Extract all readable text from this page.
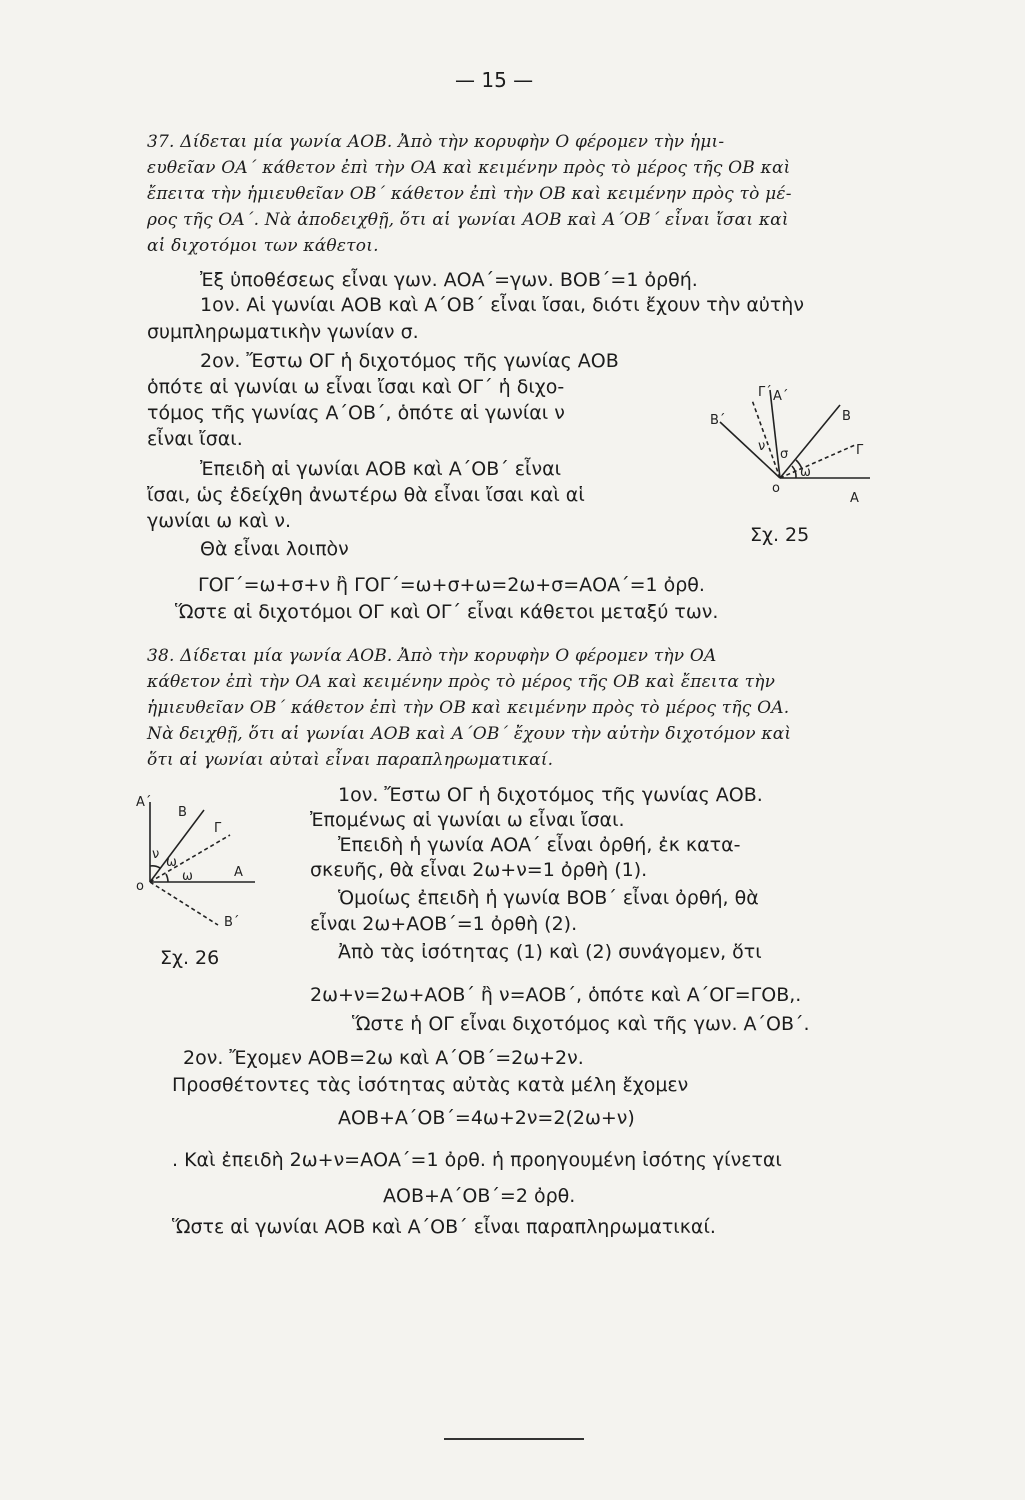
— 15 —
37. Δίδεται μία γωνία ΑΟΒ. Ἀπὸ τὴν κορυφὴν Ο φέρομεν τὴν ἡμι-
ευθεῖαν ΟΑ΄ κάθετον ἐπὶ τὴν ΟΑ καὶ κειμένην πρὸς τὸ μέρος τῆς ΟΒ καὶ
ἔπειτα τὴν ἡμιευθεῖαν ΟΒ΄ κάθετον ἐπὶ τὴν ΟΒ καὶ κειμένην πρὸς τὸ μέ-
ρος τῆς ΟΑ΄. Νὰ ἀποδειχθῇ, ὅτι αἱ γωνίαι ΑΟΒ καὶ Α΄ΟΒ΄ εἶναι ἴσαι καὶ
αἱ διχοτόμοι των κάθετοι.
Ἐξ ὑποθέσεως εἶναι γων. ΑΟΑ΄=γων. ΒΟΒ΄=1 ὀρθή.
1ον. Αἱ γωνίαι ΑΟΒ καὶ Α΄ΟΒ΄ εἶναι ἴσαι, διότι ἔχουν τὴν αὐτὴν
συμπληρωματικὴν γωνίαν σ.
2ον. Ἔστω ΟΓ ἡ διχοτόμος τῆς γωνίας ΑΟΒ
ὁπότε αἱ γωνίαι ω εἶναι ἴσαι καὶ ΟΓ΄ ἡ διχο-
τόμος τῆς γωνίας Α΄ΟΒ΄, ὁπότε αἱ γωνίαι ν
εἶναι ἴσαι.
Ἐπειδὴ αἱ γωνίαι ΑΟΒ καὶ Α΄ΟΒ΄ εἶναι
ἴσαι, ὡς ἐδείχθη ἀνωτέρω θὰ εἶναι ἴσαι καὶ αἱ
γωνίαι ω καὶ ν.
Θὰ εἶναι λοιπὸν
ΓΟΓ΄=ω+σ+ν ἢ ΓΟΓ΄=ω+σ+ω=2ω+σ=ΑΟΑ΄=1 ὀρθ.
Ὥστε αἱ διχοτόμοι ΟΓ καὶ ΟΓ΄ εἶναι κάθετοι μεταξύ των.
Γ΄ Α΄
Β
Β΄
ν
σ
ω
Γ
ο
Α
Σχ. 25
38. Δίδεται μία γωνία ΑΟΒ. Ἀπὸ τὴν κορυφὴν Ο φέρομεν τὴν ΟΑ
κάθετον ἐπὶ τὴν ΟΑ καὶ κειμένην πρὸς τὸ μέρος τῆς ΟΒ καὶ ἔπειτα τὴν
ἡμιευθεῖαν ΟΒ΄ κάθετον ἐπὶ τὴν ΟΒ καὶ κειμένην πρὸς τὸ μέρος τῆς ΟΑ.
Νὰ δειχθῇ, ὅτι αἱ γωνίαι ΑΟΒ καὶ Α΄ΟΒ΄ ἔχουν τὴν αὐτὴν διχοτόμον καὶ
ὅτι αἱ γωνίαι αὐταὶ εἶναι παραπληρωματικαί.
Α΄
Β
Γ
ν
ω
ω	Α
ο
Β΄
Σχ. 26
1ον. Ἔστω ΟΓ ἡ διχοτόμος τῆς γωνίας ΑΟΒ.
Ἐπομένως αἱ γωνίαι ω εἶναι ἴσαι.
Ἐπειδὴ ἡ γωνία ΑΟΑ΄ εἶναι ὀρθή, ἐκ κατα-
σκευῆς, θὰ εἶναι 2ω+ν=1 ὀρθὴ (1).
Ὁμοίως ἐπειδὴ ἡ γωνία ΒΟΒ΄ εἶναι ὀρθή, θὰ
εἶναι 2ω+ΑΟΒ΄=1 ὀρθὴ (2).
Ἀπὸ τὰς ἰσότητας (1) καὶ (2) συνάγομεν, ὅτι
2ω+ν=2ω+ΑΟΒ΄ ἢ ν=ΑΟΒ΄, ὁπότε καὶ Α΄ΟΓ=ΓΟΒ,.
Ὥστε ἡ ΟΓ εἶναι διχοτόμος καὶ τῆς γων. Α΄ΟΒ΄.
2ον. Ἔχομεν ΑΟΒ=2ω καὶ Α΄ΟΒ΄=2ω+2ν.
Προσθέτοντες τὰς ἰσότητας αὐτὰς κατὰ μέλη ἔχομεν
ΑΟΒ+Α΄ΟΒ΄=4ω+2ν=2(2ω+ν)
. Καὶ ἐπειδὴ 2ω+ν=ΑΟΑ΄=1 ὀρθ. ἡ προηγουμένη ἰσότης γίνεται
ΑΟΒ+Α΄ΟΒ΄=2 ὀρθ.
Ὥστε αἱ γωνίαι ΑΟΒ καὶ Α΄ΟΒ΄ εἶναι παραπληρωματικαί.
